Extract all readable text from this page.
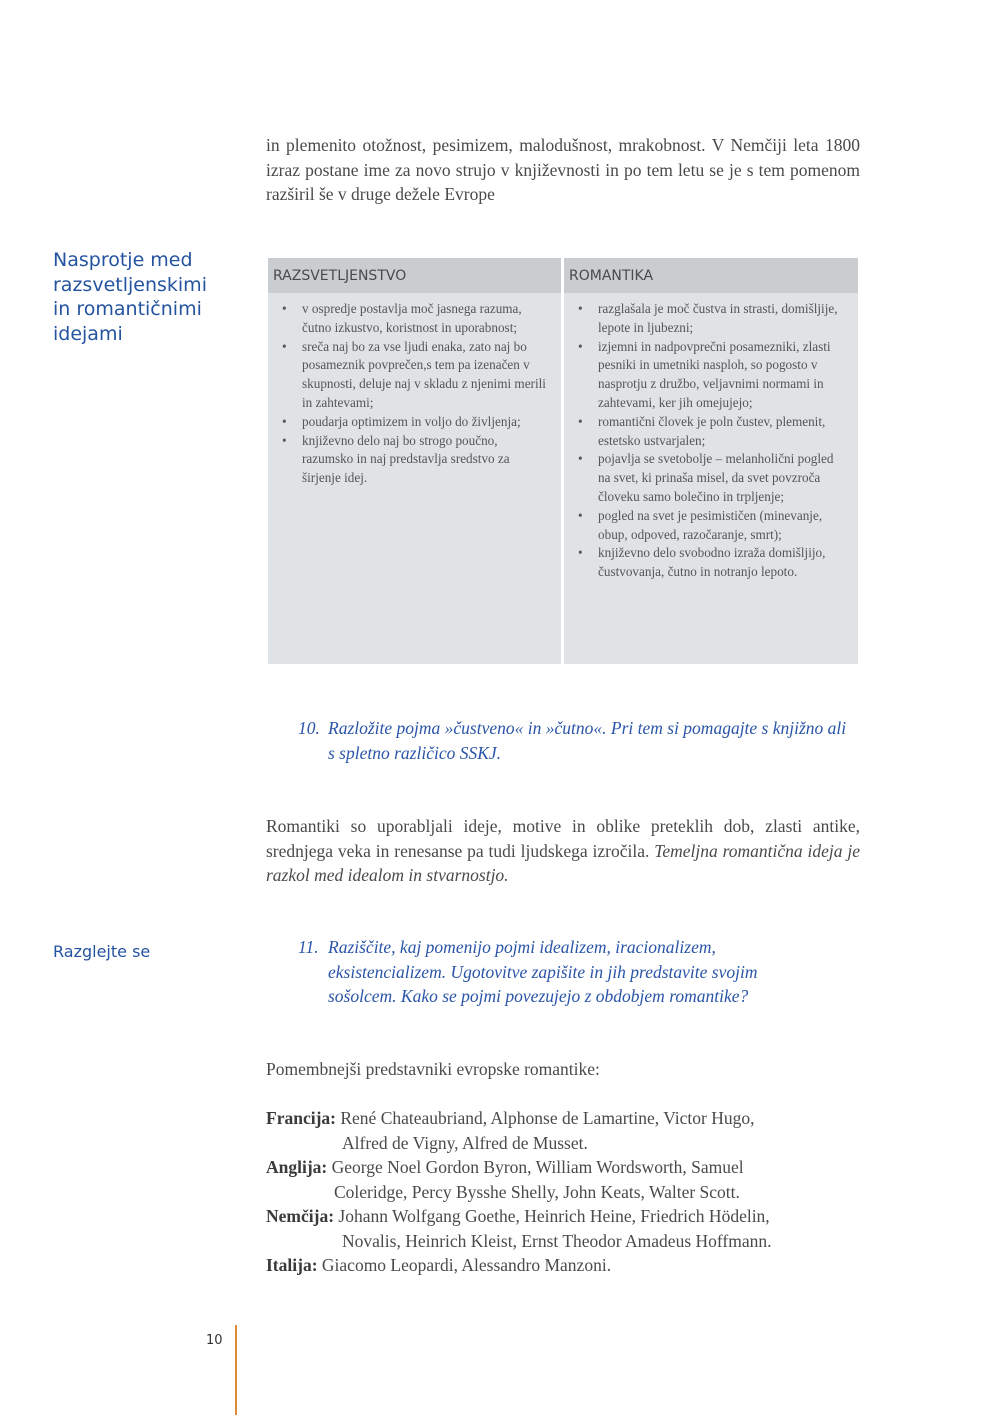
in plemenito otožnost, pesimizem, malodušnost, mrakobnost. V Nemčiji leta 1800 izraz postane ime za novo strujo v književnosti in po tem letu se je s tem pomenom razširil še v druge dežele Evrope
Nasprotje med razsvetljenskimi in romantičnimi idejami
RAZSVETLJENSTVO
• v ospredje postavlja moč jasnega razuma, čutno izkustvo, koristnost in uporabnost;
• sreča naj bo za vse ljudi enaka, zato naj bo posameznik povprečen,s tem pa izenačen v skupnosti, deluje naj v skladu z njenimi merili in zahtevami;
• poudarja optimizem in voljo do življenja;
• književno delo naj bo strogo poučno, razumsko in naj predstavlja sredstvo za širjenje idej.
ROMANTIKA
• razglašala je moč čustva in strasti, domišljije, lepote in ljubezni;
• izjemni in nadpovprečni posamezniki, zlasti pesniki in umetniki nasploh, so pogosto v nasprotju z družbo, veljavnimi normami in zahtevami, ker jih omejujejo;
• romantični človek je poln čustev, plemenit, estetsko ustvarjalen;
• pojavlja se svetobolje – melanholični pogled na svet, ki prinaša misel, da svet povzroča človeku samo bolečino in trpljenje;
• pogled na svet je pesimističen (minevanje, obup, odpoved, razočaranje, smrt);
• književno delo svobodno izraža domišljijo, čustvovanja, čutno in notranjo lepoto.
10. Razložite pojma »čustveno« in »čutno«. Pri tem si pomagajte s knjižno ali s spletno različico SSKJ.
Romantiki so uporabljali ideje, motive in oblike preteklih dob, zlasti antike, srednjega veka in renesanse pa tudi ljudskega izročila. Temeljna romantična ideja je razkol med idealom in stvarnostjo.
Razglejte se	11. Raziščite, kaj pomenijo pojmi idealizem, iracionalizem, eksistencializem. Ugotovitve zapišite in jih predstavite svojim sošolcem. Kako se pojmi povezujejo z obdobjem romantike?
Pomembnejši predstavniki evropske romantike:
Francija: René Chateaubriand, Alphonse de Lamartine, Victor Hugo,
Alfred de Vigny, Alfred de Musset.
Anglija: George Noel Gordon Byron, William Wordsworth, Samuel
Coleridge, Percy Bysshe Shelly, John Keats, Walter Scott.
Nemčija: Johann Wolfgang Goethe, Heinrich Heine, Friedrich Hödelin,
Novalis, Heinrich Kleist, Ernst Theodor Amadeus Hoffmann.
Italija: Giacomo Leopardi, Alessandro Manzoni.
10
